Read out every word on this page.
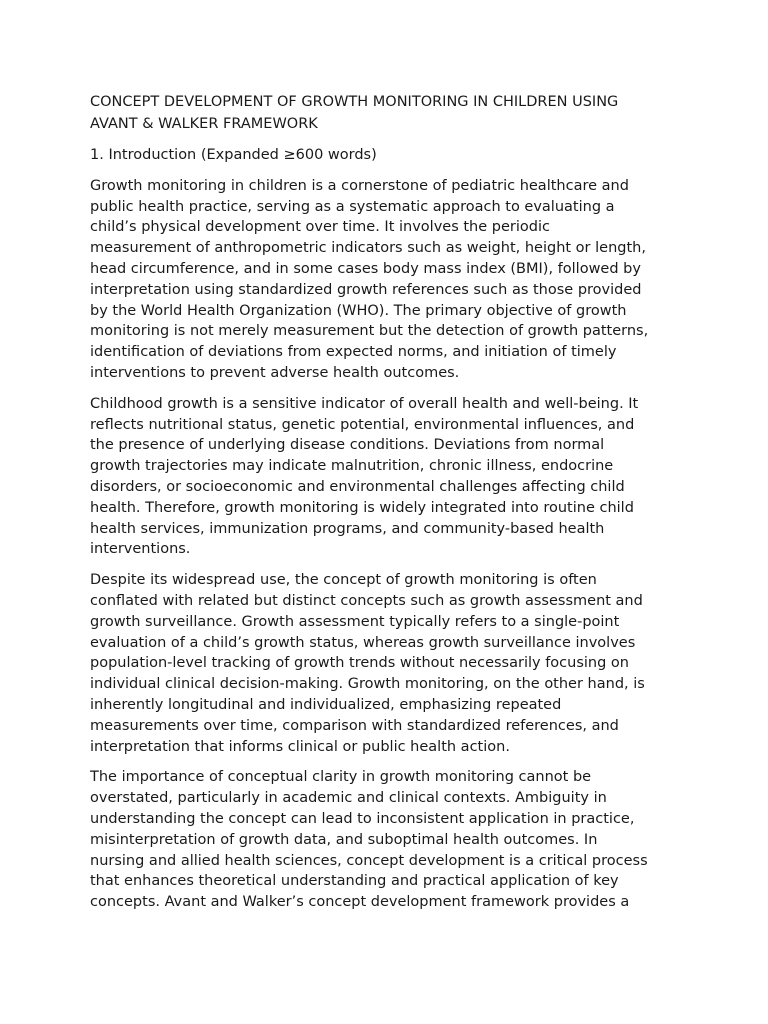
CONCEPT DEVELOPMENT OF GROWTH MONITORING IN CHILDREN USING
AVANT & WALKER FRAMEWORK
1. Introduction (Expanded ≥600 words)

Growth monitoring in children is a cornerstone of pediatric healthcare and
public health practice, serving as a systematic approach to evaluating a
child’s physical development over time. It involves the periodic
measurement of anthropometric indicators such as weight, height or length,
head circumference, and in some cases body mass index (BMI), followed by
interpretation using standardized growth references such as those provided
by the World Health Organization (WHO). The primary objective of growth
monitoring is not merely measurement but the detection of growth patterns,
identification of deviations from expected norms, and initiation of timely
interventions to prevent adverse health outcomes.

Childhood growth is a sensitive indicator of overall health and well-being. It
reflects nutritional status, genetic potential, environmental influences, and
the presence of underlying disease conditions. Deviations from normal
growth trajectories may indicate malnutrition, chronic illness, endocrine
disorders, or socioeconomic and environmental challenges affecting child
health. Therefore, growth monitoring is widely integrated into routine child
health services, immunization programs, and community-based health
interventions.

Despite its widespread use, the concept of growth monitoring is often
conflated with related but distinct concepts such as growth assessment and
growth surveillance. Growth assessment typically refers to a single-point
evaluation of a child’s growth status, whereas growth surveillance involves
population-level tracking of growth trends without necessarily focusing on
individual clinical decision-making. Growth monitoring, on the other hand, is
inherently longitudinal and individualized, emphasizing repeated
measurements over time, comparison with standardized references, and
interpretation that informs clinical or public health action.

The importance of conceptual clarity in growth monitoring cannot be
overstated, particularly in academic and clinical contexts. Ambiguity in
understanding the concept can lead to inconsistent application in practice,
misinterpretation of growth data, and suboptimal health outcomes. In
nursing and allied health sciences, concept development is a critical process
that enhances theoretical understanding and practical application of key
concepts. Avant and Walker’s concept development framework provides a
